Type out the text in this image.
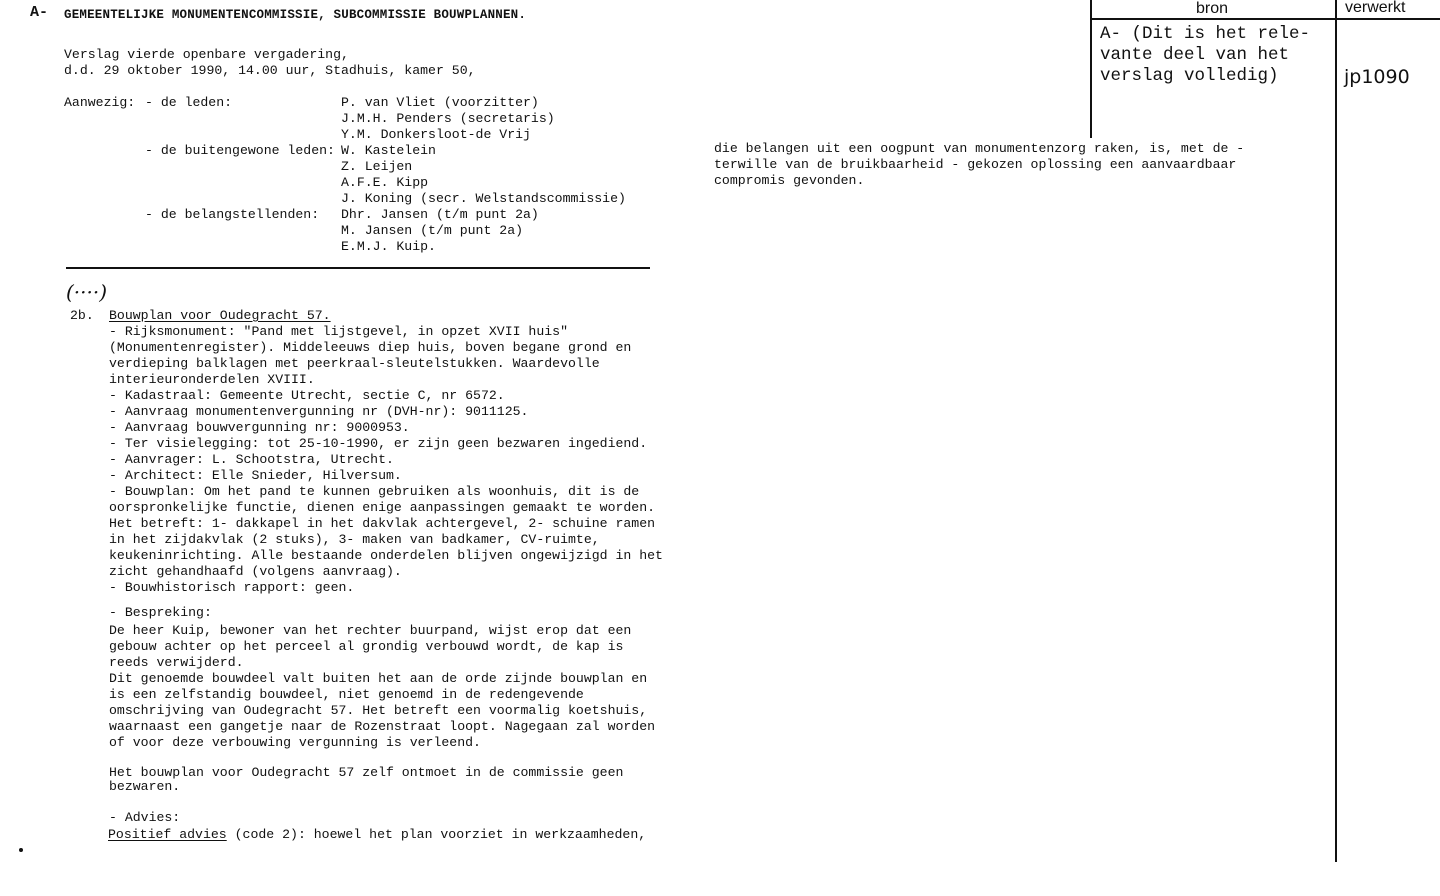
A- GEMEENTELIJKE MONUMENTENCOMMISSIE, SUBCOMMISSIE BOUWPLANNEN.
Verslag vierde openbare vergadering,
d.d. 29 oktober 1990, 14.00 uur, Stadhuis, kamer 50,
Aanwezig: - de leden:	P. van Vliet (voorzitter)
J.M.H. Penders (secretaris)
Y.M. Donkersloot-de Vrij
- de buitengewone leden: W. Kastelein
Z. Leijen
A.F.E. Kipp
J. Koning (secr. Welstandscommissie)
- de belangstellenden: Dhr. Jansen (t/m punt 2a)
M. Jansen (t/m punt 2a)
E.M.J. Kuip.
(····)
2b. Bouwplan voor Oudegracht 57.
- Rijksmonument: "Pand met lijstgevel, in opzet XVII huis"
(Monumentenregister). Middeleeuws diep huis, boven begane grond en
verdieping balklagen met peerkraal-sleutelstukken. Waardevolle
interieuronderdelen XVIII.
- Kadastraal: Gemeente Utrecht, sectie C, nr 6572.
- Aanvraag monumentenvergunning nr (DVH-nr): 9011125.
- Aanvraag bouwvergunning nr: 9000953.
- Ter visielegging: tot 25-10-1990, er zijn geen bezwaren ingediend.
- Aanvrager: L. Schootstra, Utrecht.
- Architect: Elle Snieder, Hilversum.
- Bouwplan: Om het pand te kunnen gebruiken als woonhuis, dit is de
oorspronkelijke functie, dienen enige aanpassingen gemaakt te worden.
Het betreft: 1- dakkapel in het dakvlak achtergevel, 2- schuine ramen
in het zijdakvlak (2 stuks), 3- maken van badkamer, CV-ruimte,
keukeninrichting. Alle bestaande onderdelen blijven ongewijzigd in het
zicht gehandhaafd (volgens aanvraag).
- Bouwhistorisch rapport: geen.
- Bespreking:
De heer Kuip, bewoner van het rechter buurpand, wijst erop dat een
gebouw achter op het perceel al grondig verbouwd wordt, de kap is
reeds verwijderd.
Dit genoemde bouwdeel valt buiten het aan de orde zijnde bouwplan en
is een zelfstandig bouwdeel, niet genoemd in de redengevende
omschrijving van Oudegracht 57. Het betreft een voormalig koetshuis,
waarnaast een gangetje naar de Rozenstraat loopt. Nagegaan zal worden
of voor deze verbouwing vergunning is verleend.
Het bouwplan voor Oudegracht 57 zelf ontmoet in de commissie geen
bezwaren.
- Advies:
Positief advies (code 2): hoewel het plan voorziet in werkzaamheden,
die belangen uit een oogpunt van monumentenzorg raken, is, met de -
terwille van de bruikbaarheid - gekozen oplossing een aanvaardbaar
compromis gevonden.
bron	verwerkt
A- (Dit is het rele-
vante deel van het
verslag volledig)	jp1090
